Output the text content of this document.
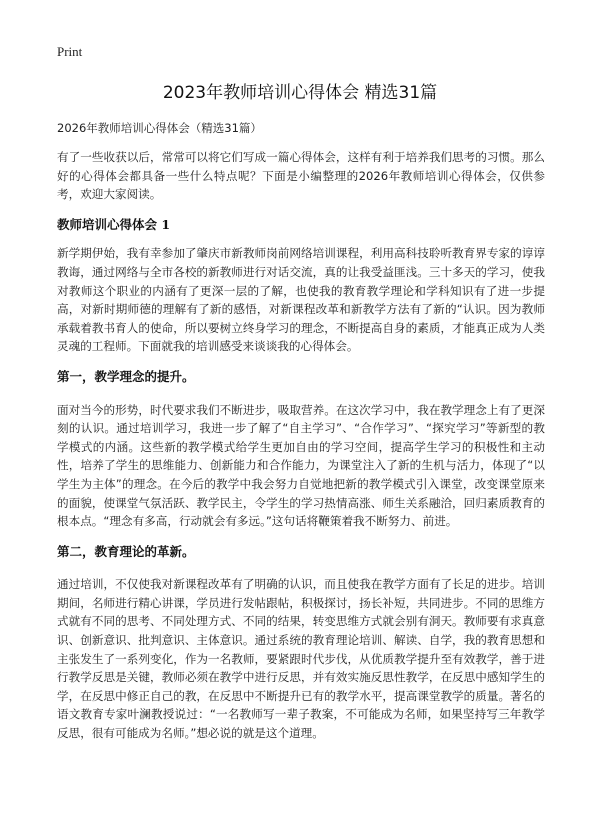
Print
2023年教师培训心得体会 精选31篇
2026年教师培训心得体会（精选31篇）

有了一些收获以后，常常可以将它们写成一篇心得体会，这样有利于培养我们思考的习惯。那么好的心得体会都具备一些什么特点呢？下面是小编整理的2026年教师培训心得体会，仅供参考，欢迎大家阅读。

教师培训心得体会 1

新学期伊始，我有幸参加了肇庆市新教师岗前网络培训课程，利用高科技聆听教育界专家的谆谆教诲，通过网络与全市各校的新教师进行对话交流，真的让我受益匪浅。三十多天的学习，使我对教师这个职业的内涵有了更深一层的了解，也使我的教育教学理论和学科知识有了进一步提高，对新时期师德的理解有了新的感悟，对新课程改革和新教学方法有了新的“认识。因为教师承载着教书育人的使命，所以要树立终身学习的理念，不断提高自身的素质，才能真正成为人类灵魂的工程师。下面就我的培训感受来谈谈我的心得体会。

第一，教学理念的提升。

面对当今的形势，时代要求我们不断进步，吸取营养。在这次学习中，我在教学理念上有了更深刻的认识。通过培训学习，我进一步了解了“自主学习”、“合作学习”、“探究学习”等新型的教学模式的内涵。这些新的教学模式给学生更加自由的学习空间，提高学生学习的积极性和主动性，培养了学生的思维能力、创新能力和合作能力，为课堂注入了新的生机与活力，体现了“以学生为主体”的理念。在今后的教学中我会努力自觉地把新的教学模式引入课堂，改变课堂原来的面貌，使课堂气氛活跃、教学民主，令学生的学习热情高涨、师生关系融洽，回归素质教育的根本点。“理念有多高，行动就会有多远。”这句话将鞭策着我不断努力、前进。

第二，教育理论的革新。

通过培训，不仅使我对新课程改革有了明确的认识，而且使我在教学方面有了长足的进步。培训期间，名师进行精心讲课，学员进行发帖跟帖，积极探讨，扬长补短，共同进步。不同的思维方式就有不同的思考、不同处理方式、不同的结果，转变思维方式就会别有洞天。教师要有求真意识、创新意识、批判意识、主体意识。通过系统的教育理论培训、解读、自学，我的教育思想和主张发生了一系列变化，作为一名教师，要紧跟时代步伐，从优质教学提升至有效教学，善于进行教学反思是关键，教师必须在教学中进行反思，并有效实施反思性教学，在反思中感知学生的学，在反思中修正自己的教，在反思中不断提升已有的教学水平，提高课堂教学的质量。著名的语文教育专家叶澜教授说过：“一名教师写一辈子教案，不可能成为名师，如果坚持写三年教学反思，很有可能成为名师。”想必说的就是这个道理。
